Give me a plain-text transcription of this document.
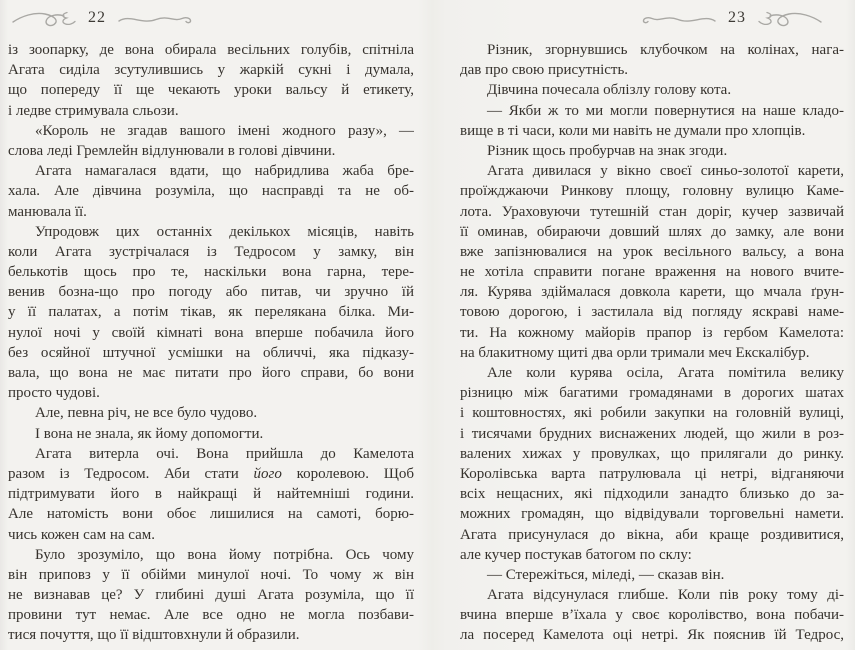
22	23
із зоопарку, де вона обирала весільних голубів, спітніла
Агата сиділа зсутулившись у жаркій сукні і думала,
що попереду її ще чекають уроки вальсу й етикету,
і ледве стримувала сльози.
«Король не згадав вашого імені жодного разу», —
слова леді Гремлейн відлунювали в голові дівчини.
Агата намагалася вдати, що набридлива жаба бре-
хала. Але дівчина розуміла, що насправді та не об-
манювала її.
Упродовж цих останніх декількох місяців, навіть
коли Агата зустрічалася із Тедросом у замку, він
белькотів щось про те, наскільки вона гарна, тере-
венив бозна-що про погоду або питав, чи зручно їй
у її палатах, а потім тікав, як перелякана білка. Ми-
нулої ночі у своїй кімнаті вона вперше побачила його
без осяйної штучної усмішки на обличчі, яка підказу-
вала, що вона не має питати про його справи, бо вони
просто чудові.
Але, певна річ, не все було чудово.
І вона не знала, як йому допомогти.
Агата витерла очі. Вона прийшла до Камелота
разом із Тедросом. Аби стати його королевою. Щоб
підтримувати його в найкращі й найтемніші години.
Але натомість вони обоє лишилися на самоті, борю-
чись кожен сам на сам.
Було зрозуміло, що вона йому потрібна. Ось чому
він приповз у її обійми минулої ночі. То чому ж він
не визнавав це? У глибині душі Агата розуміла, що її
провини тут немає. Але все одно не могла позбави-
тися почуття, що її відштовхнули й образили.
Різник, згорнувшись клубочком на колінах, нага-
дав про свою присутність.
Дівчина почесала облізлу голову кота.
— Якби ж то ми могли повернутися на наше кладо-
вище в ті часи, коли ми навіть не думали про хлопців.
Різник щось пробурчав на знак згоди.
Агата дивилася у вікно своєї синьо-золотої карети,
проїжджаючи Ринкову площу, головну вулицю Каме-
лота. Ураховуючи тутешній стан доріг, кучер зазвичай
її оминав, обираючи довший шлях до замку, але вони
вже запізнювалися на урок весільного вальсу, а вона
не хотіла справити погане враження на нового вчите-
ля. Курява здіймалася довкола карети, що мчала ґрун-
товою дорогою, і застилала від погляду яскраві наме-
ти. На кожному майорів прапор із гербом Камелота:
на блакитному щиті два орли тримали меч Екскалібур.
Але коли курява осіла, Агата помітила велику
різницю між багатими громадянами в дорогих шатах
і коштовностях, які робили закупки на головній вулиці,
і тисячами брудних виснажених людей, що жили в роз-
валених хижах у провулках, що прилягали до ринку.
Королівська варта патрулювала ці нетрі, відганяючи
всіх нещасних, які підходили занадто близько до за-
можних громадян, що відвідували торговельні намети.
Агата присунулася до вікна, аби краще роздивитися,
але кучер постукав батогом по склу:
— Стережіться, міледі, — сказав він.
Агата відсунулася глибше. Коли пів року тому ді-
вчина вперше в’їхала у своє королівство, вона побачи-
ла посеред Камелота оці нетрі. Як пояснив їй Тедрос,
